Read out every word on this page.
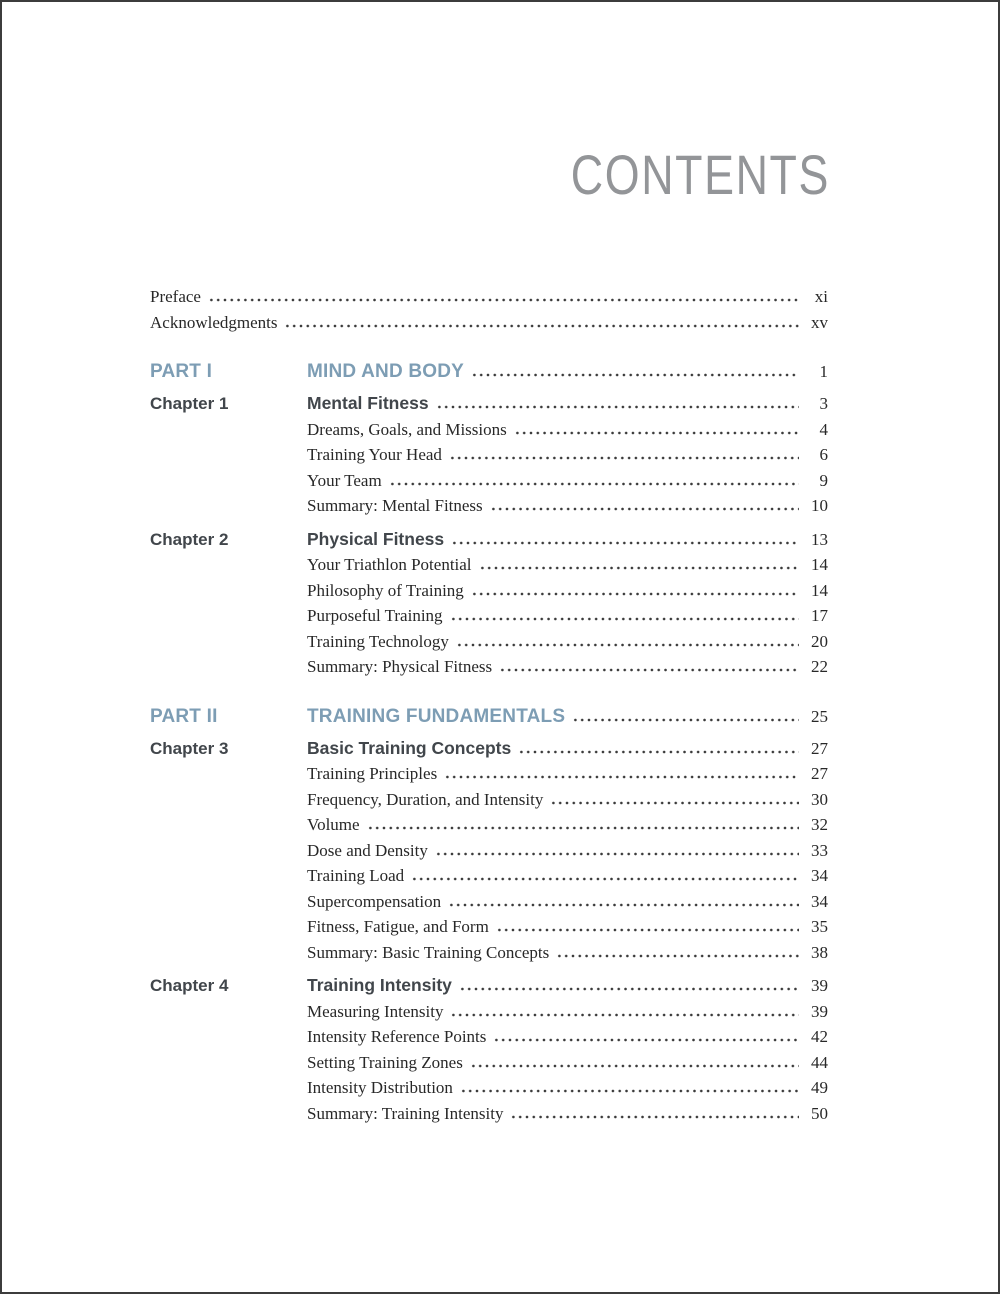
CONTENTS
Preface	xi
Acknowledgments	xv
PART I	MIND AND BODY	1
Chapter 1	Mental Fitness	3
Dreams, Goals, and Missions	4
Training Your Head	6
Your Team	9
Summary: Mental Fitness	10
Chapter 2	Physical Fitness	13
Your Triathlon Potential	14
Philosophy of Training	14
Purposeful Training	17
Training Technology	20
Summary: Physical Fitness	22
PART II	TRAINING FUNDAMENTALS	25
Chapter 3	Basic Training Concepts	27
Training Principles	27
Frequency, Duration, and Intensity	30
Volume	32
Dose and Density	33
Training Load	34
Supercompensation	34
Fitness, Fatigue, and Form	35
Summary: Basic Training Concepts	38
Chapter 4	Training Intensity	39
Measuring Intensity	39
Intensity Reference Points	42
Setting Training Zones	44
Intensity Distribution	49
Summary: Training Intensity	50
